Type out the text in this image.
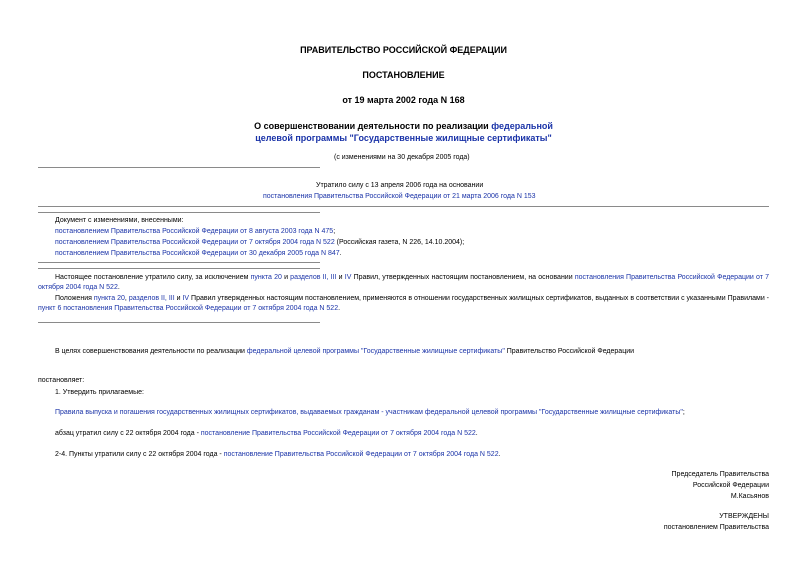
ПРАВИТЕЛЬСТВО РОССИЙСКОЙ ФЕДЕРАЦИИ
ПОСТАНОВЛЕНИЕ
от 19 марта 2002 года N 168
О совершенствовании деятельности по реализации федеральной
целевой программы "Государственные жилищные сертификаты"
(с изменениями на 30 декабря 2005 года)
Утратило силу с 13 апреля 2006 года на основании
постановления Правительства Российской Федерации от 21 марта 2006 года N 153
Документ с изменениями, внесенными:
постановлением Правительства Российской Федерации от 8 августа 2003 года N 475;
постановлением Правительства Российской Федерации от 7 октября 2004 года N 522 (Российская газета, N 226, 14.10.2004);
постановлением Правительства Российской Федерации от 30 декабря 2005 года N 847.
Настоящее постановление утратило силу, за исключением пункта 20 и разделов II, III и IV Правил, утвержденных настоящим постановлением, на основании постановления Правительства Российской Федерации от 7 октября 2004 года N 522.
Положения пункта 20, разделов II, III и IV Правил утвержденных настоящим постановлением, применяются в отношении государственных жилищных сертификатов, выданных в соответствии с указанными Правилами - пункт 6 постановления Правительства Российской Федерации от 7 октября 2004 года N 522.
В целях совершенствования деятельности по реализации федеральной целевой программы "Государственные жилищные сертификаты" Правительство Российской Федерации
постановляет:
1. Утвердить прилагаемые:
Правила выпуска и погашения государственных жилищных сертификатов, выдаваемых гражданам - участникам федеральной целевой программы "Государственные жилищные сертификаты";
абзац утратил силу с 22 октября 2004 года - постановление Правительства Российской Федерации от 7 октября 2004 года N 522.
2-4. Пункты утратили силу с 22 октября 2004 года - постановление Правительства Российской Федерации от 7 октября 2004 года N 522.
Председатель Правительства
Российской Федерации
М.Касьянов
УТВЕРЖДЕНЫ
постановлением Правительства
